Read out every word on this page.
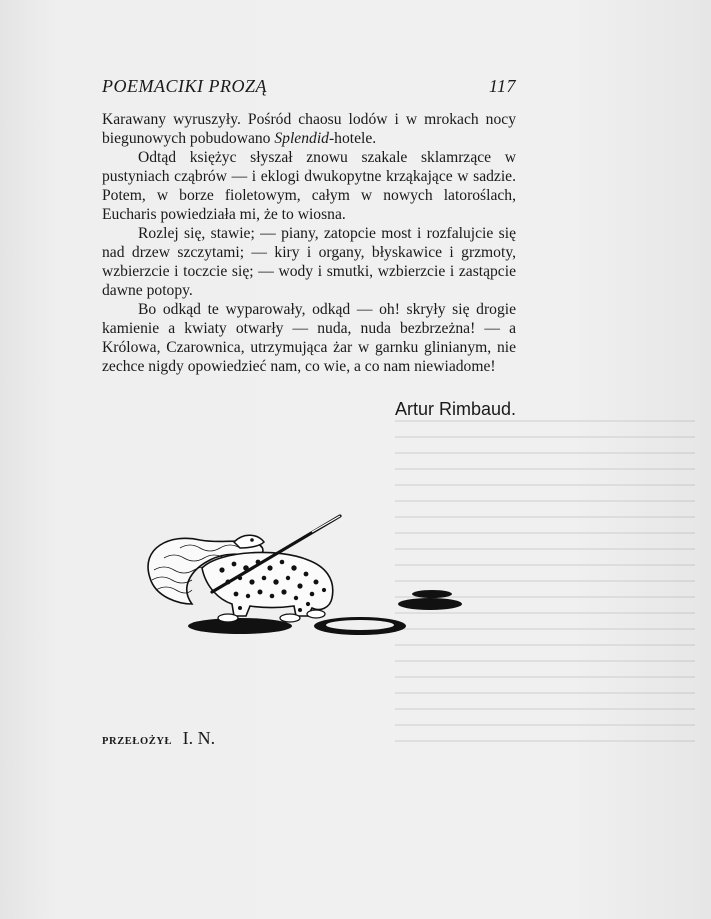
POEMACIKI PROZĄ	117

Karawany wyruszyły. Pośród chaosu lodów i w mrokach nocy biegunowych pobudowano Splendid-hotele.

Odtąd księżyc słyszał znowu szakale sklamrzące w pustyniach cząbrów — i eklogi dwukopytne krząkające w sadzie. Potem, w borze fioletowym, całym w nowych latoroślach, Eucharis powiedziała mi, że to wiosna.

Rozlej się, stawie; — piany, zatopcie most i rozfalujcie się nad drzew szczytami; — kiry i organy, błyskawice i grzmoty, wzbierzcie i toczcie się; — wody i smutki, wzbierzcie i zastąpcie dawne potopy.

Bo odkąd te wyparowały, odkąd — oh! skryły się drogie kamienie a kwiaty otwarły — nuda, nuda bezbrzeżna! — a Królowa, Czarownica, utrzymująca żar w garnku glinianym, nie zechce nigdy opowiedzieć nam, co wie, a co nam niewiadome!

Artur Rimbaud.
PRZEŁOŻYŁ I. N.
